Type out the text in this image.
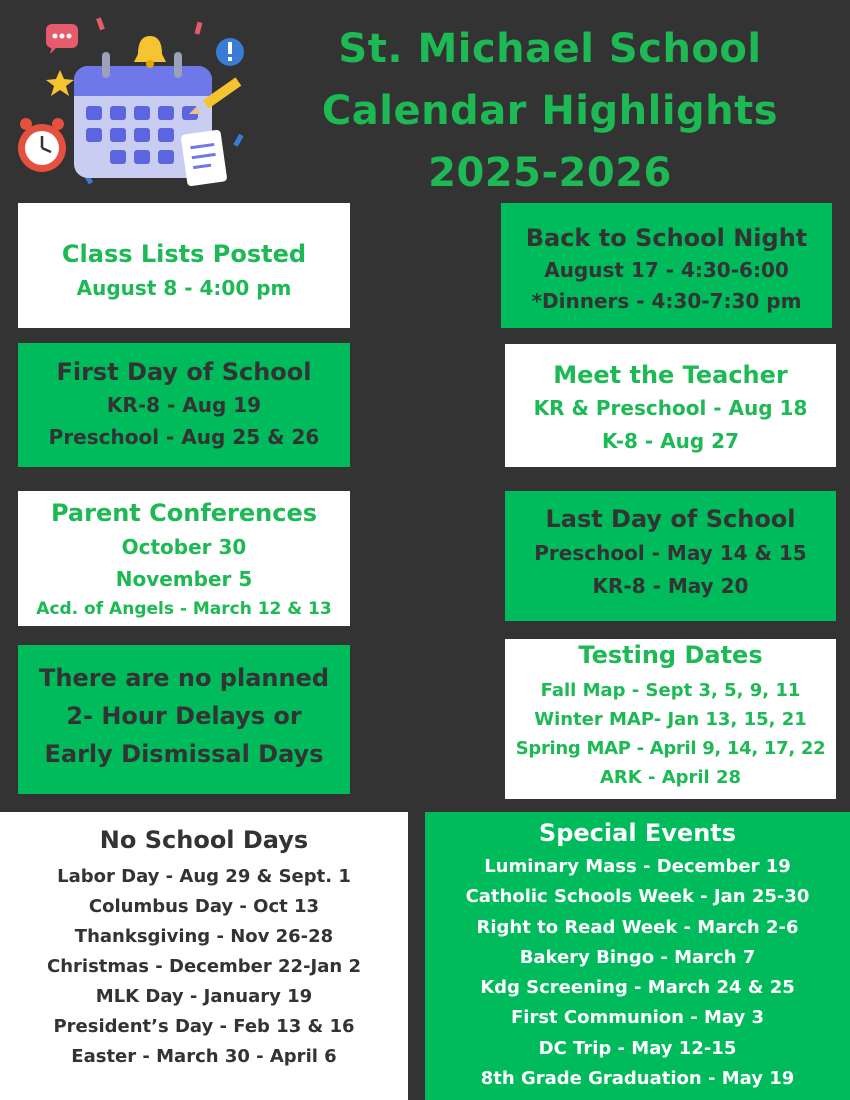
St. Michael School
Calendar Highlights
2025-2026
Class Lists Posted
August 8 - 4:00 pm
Back to School Night
August 17 - 4:30-6:00
*Dinners - 4:30-7:30 pm
First Day of School
KR-8 - Aug 19
Preschool - Aug 25 & 26
Meet the Teacher
KR & Preschool - Aug 18
K-8 - Aug 27
Parent Conferences
October 30
November 5
Acd. of Angels - March 12 & 13
Last Day of School
Preschool - May 14 & 15
KR-8 - May 20
There are no planned
2- Hour Delays or
Early Dismissal Days
Testing Dates
Fall Map - Sept 3, 5, 9, 11
Winter MAP- Jan 13, 15, 21
Spring MAP - April 9, 14, 17, 22
ARK - April 28
No School Days
Labor Day - Aug 29 & Sept. 1
Columbus Day - Oct 13
Thanksgiving - Nov 26-28
Christmas - December 22-Jan 2
MLK Day - January 19
President’s Day - Feb 13 & 16
Easter - March 30 - April 6
Special Events
Luminary Mass - December 19
Catholic Schools Week - Jan 25-30
Right to Read Week - March 2-6
Bakery Bingo - March 7
Kdg Screening - March 24 & 25
First Communion - May 3
DC Trip - May 12-15
8th Grade Graduation - May 19
